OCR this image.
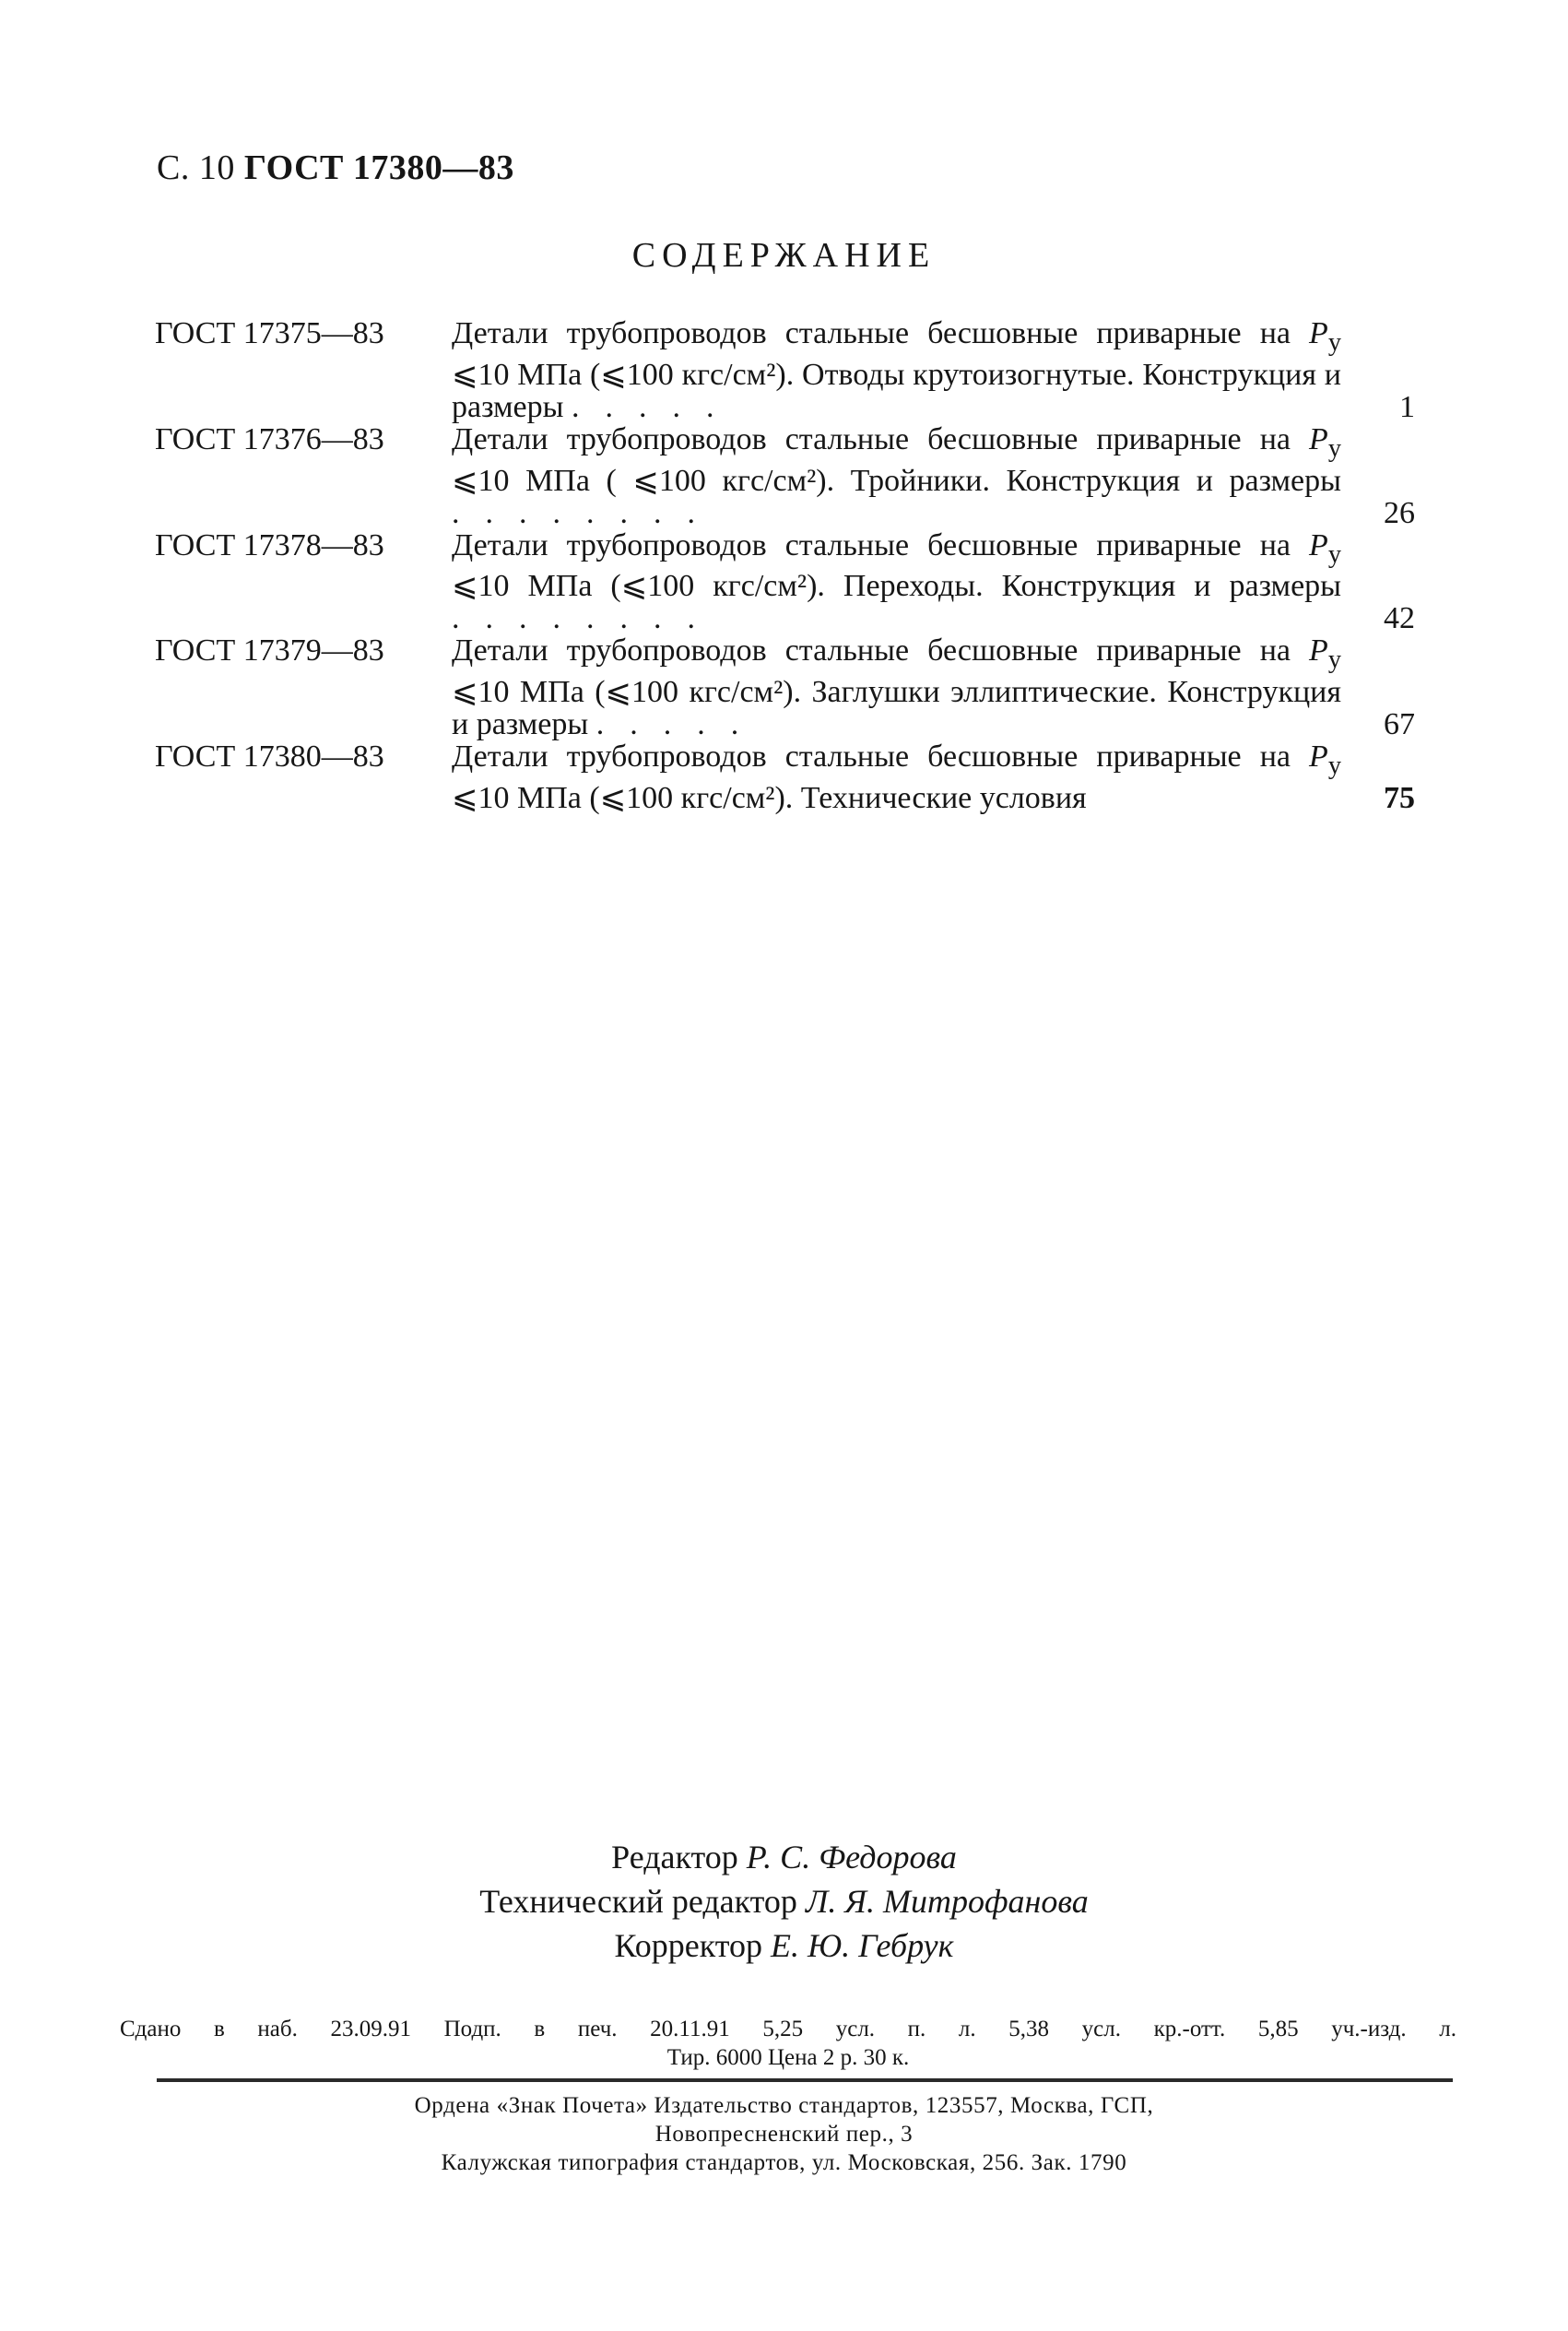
С. 10 ГОСТ 17380—83
СОДЕРЖАНИЕ
ГОСТ 17375—83	Детали трубопроводов стальные бесшовные приварные на $P_у$ ⩽10 МПа (⩽100 кгс/см²). Отводы крутоизогнутые. Конструкция и размеры .....	1
ГОСТ 17376—83	Детали трубопроводов стальные бесшовные приварные на $P_у$ ⩽10 МПа ( ⩽100 кгс/см²). Тройники. Конструкция и размеры ........	26
ГОСТ 17378—83	Детали трубопроводов стальные бесшовные приварные на $P_у$ ⩽10 МПа (⩽100 кгс/см²). Переходы. Конструкция и размеры ........	42
ГОСТ 17379—83	Детали трубопроводов стальные бесшовные приварные на $P_у$ ⩽10 МПа (⩽100 кгс/см²). Заглушки эллиптические. Конструкция и размеры .....	67
ГОСТ 17380—83	Детали трубопроводов стальные бесшовные приварные на $P_у$ ⩽10 МПа (⩽100 кгс/см²). Технические условия	75
Редактор Р. С. Федорова
Технический редактор Л. Я. Митрофанова
Корректор Е. Ю. Гебрук
Сдано в наб. 23.09.91 Подп. в печ. 20.11.91 5,25 усл. п. л. 5,38 усл. кр.-отт. 5,85 уч.-изд. л.
Тир. 6000 Цена 2 р. 30 к.
Ордена «Знак Почета» Издательство стандартов, 123557, Москва, ГСП,
Новопресненский пер., 3
Калужская типография стандартов, ул. Московская, 256. Зак. 1790
